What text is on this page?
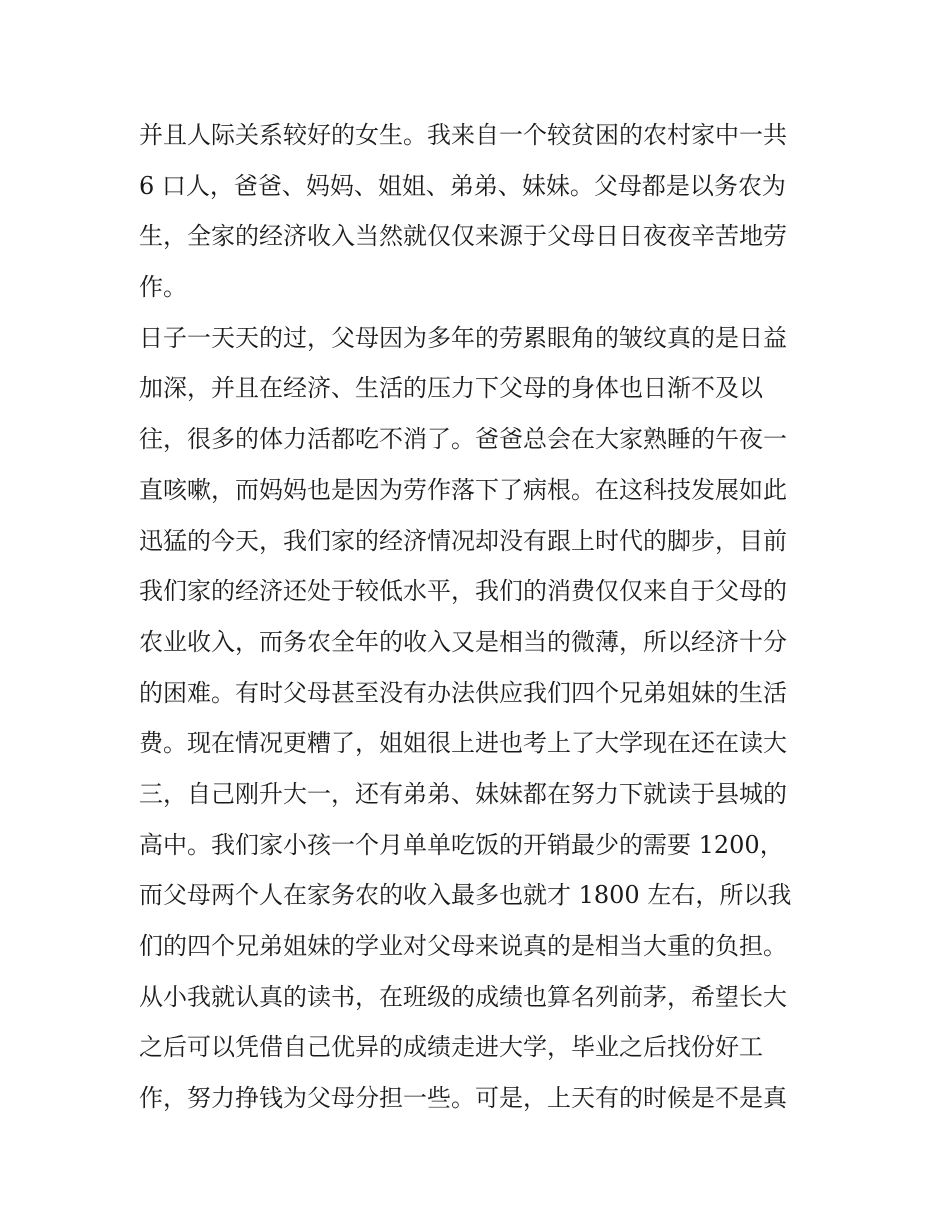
并且人际关系较好的女生。我来自一个较贫困的农村家中一共
6 口人，爸爸、妈妈、姐姐、弟弟、妹妹。父母都是以务农为
生，全家的经济收入当然就仅仅来源于父母日日夜夜辛苦地劳
作。
日子一天天的过，父母因为多年的劳累眼角的皱纹真的是日益
加深，并且在经济、生活的压力下父母的身体也日渐不及以
往，很多的体力活都吃不消了。爸爸总会在大家熟睡的午夜一
直咳嗽，而妈妈也是因为劳作落下了病根。在这科技发展如此
迅猛的今天，我们家的经济情况却没有跟上时代的脚步，目前
我们家的经济还处于较低水平，我们的消费仅仅来自于父母的
农业收入，而务农全年的收入又是相当的微薄，所以经济十分
的困难。有时父母甚至没有办法供应我们四个兄弟姐妹的生活
费。现在情况更糟了，姐姐很上进也考上了大学现在还在读大
三，自己刚升大一，还有弟弟、妹妹都在努力下就读于县城的
高中。我们家小孩一个月单单吃饭的开销最少的需要 1200，
而父母两个人在家务农的收入最多也就才 1800 左右，所以我
们的四个兄弟姐妹的学业对父母来说真的是相当大重的负担。
从小我就认真的读书，在班级的成绩也算名列前茅，希望长大
之后可以凭借自己优异的成绩走进大学，毕业之后找份好工
作，努力挣钱为父母分担一些。可是，上天有的时候是不是真
